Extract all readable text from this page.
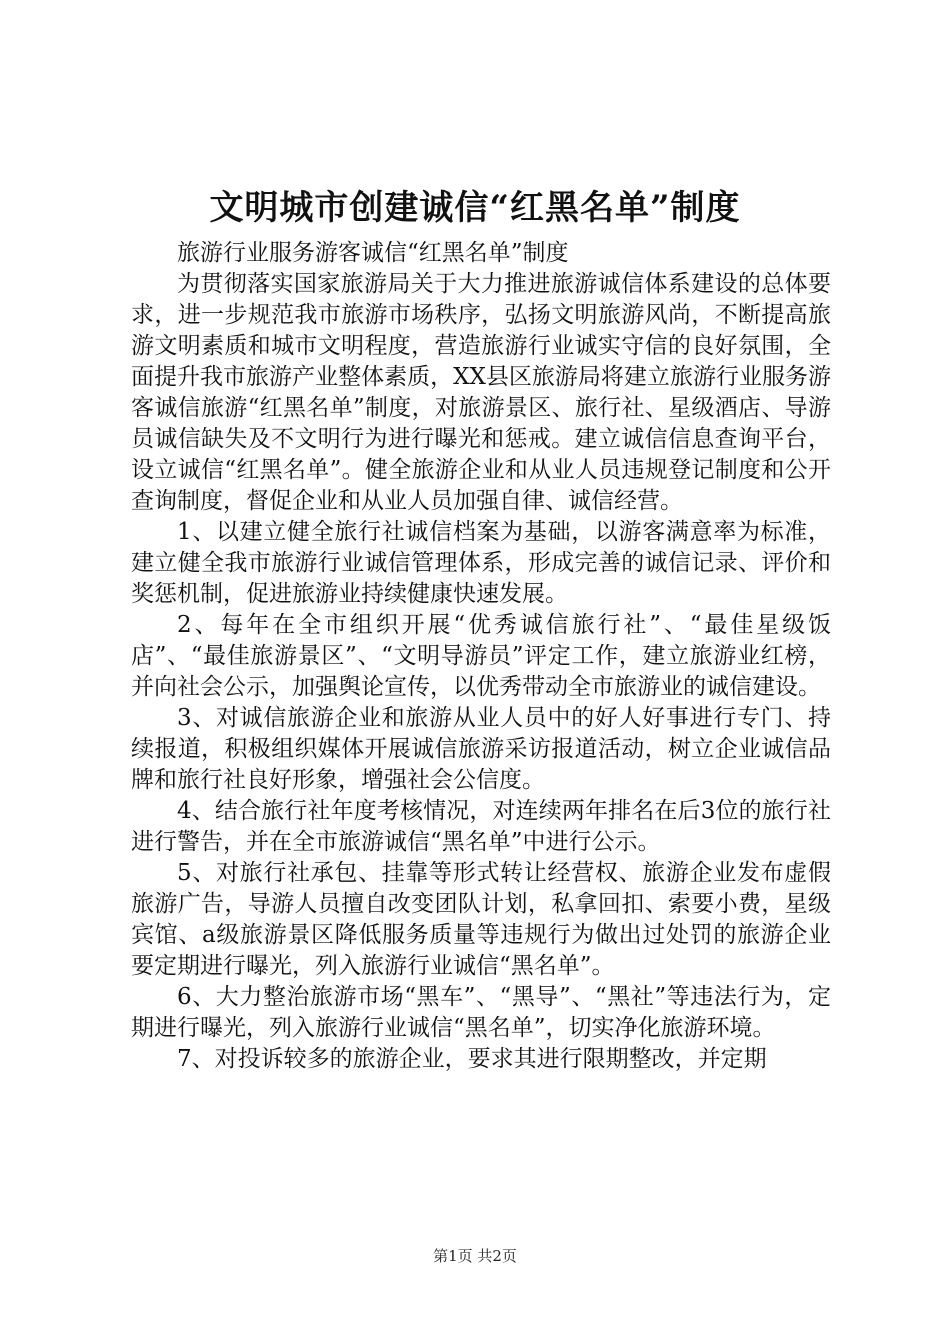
文明城市创建诚信“红黑名单”制度

旅游行业服务游客诚信“红黑名单”制度

为贯彻落实国家旅游局关于大力推进旅游诚信体系建设的总体要求，进一步规范我市旅游市场秩序，弘扬文明旅游风尚，不断提高旅游文明素质和城市文明程度，营造旅游行业诚实守信的良好氛围，全面提升我市旅游产业整体素质，XX县区旅游局将建立旅游行业服务游客诚信旅游“红黑名单”制度，对旅游景区、旅行社、星级酒店、导游员诚信缺失及不文明行为进行曝光和惩戒。建立诚信信息查询平台，设立诚信“红黑名单”。健全旅游企业和从业人员违规登记制度和公开查询制度，督促企业和从业人员加强自律、诚信经营。

1、以建立健全旅行社诚信档案为基础，以游客满意率为标准，建立健全我市旅游行业诚信管理体系，形成完善的诚信记录、评价和奖惩机制，促进旅游业持续健康快速发展。

2、每年在全市组织开展“优秀诚信旅行社”、“最佳星级饭店”、“最佳旅游景区”、“文明导游员”评定工作，建立旅游业红榜，并向社会公示，加强舆论宣传，以优秀带动全市旅游业的诚信建设。

3、对诚信旅游企业和旅游从业人员中的好人好事进行专门、持续报道，积极组织媒体开展诚信旅游采访报道活动，树立企业诚信品牌和旅行社良好形象，增强社会公信度。

4、结合旅行社年度考核情况，对连续两年排名在后3位的旅行社进行警告，并在全市旅游诚信“黑名单”中进行公示。

5、对旅行社承包、挂靠等形式转让经营权、旅游企业发布虚假旅游广告，导游人员擅自改变团队计划，私拿回扣、索要小费，星级宾馆、a级旅游景区降低服务质量等违规行为做出过处罚的旅游企业要定期进行曝光，列入旅游行业诚信“黑名单”。

6、大力整治旅游市场“黑车”、“黑导”、“黑社”等违法行为，定期进行曝光，列入旅游行业诚信“黑名单”，切实净化旅游环境。

7、对投诉较多的旅游企业，要求其进行限期整改，并定期

第1页 共2页
